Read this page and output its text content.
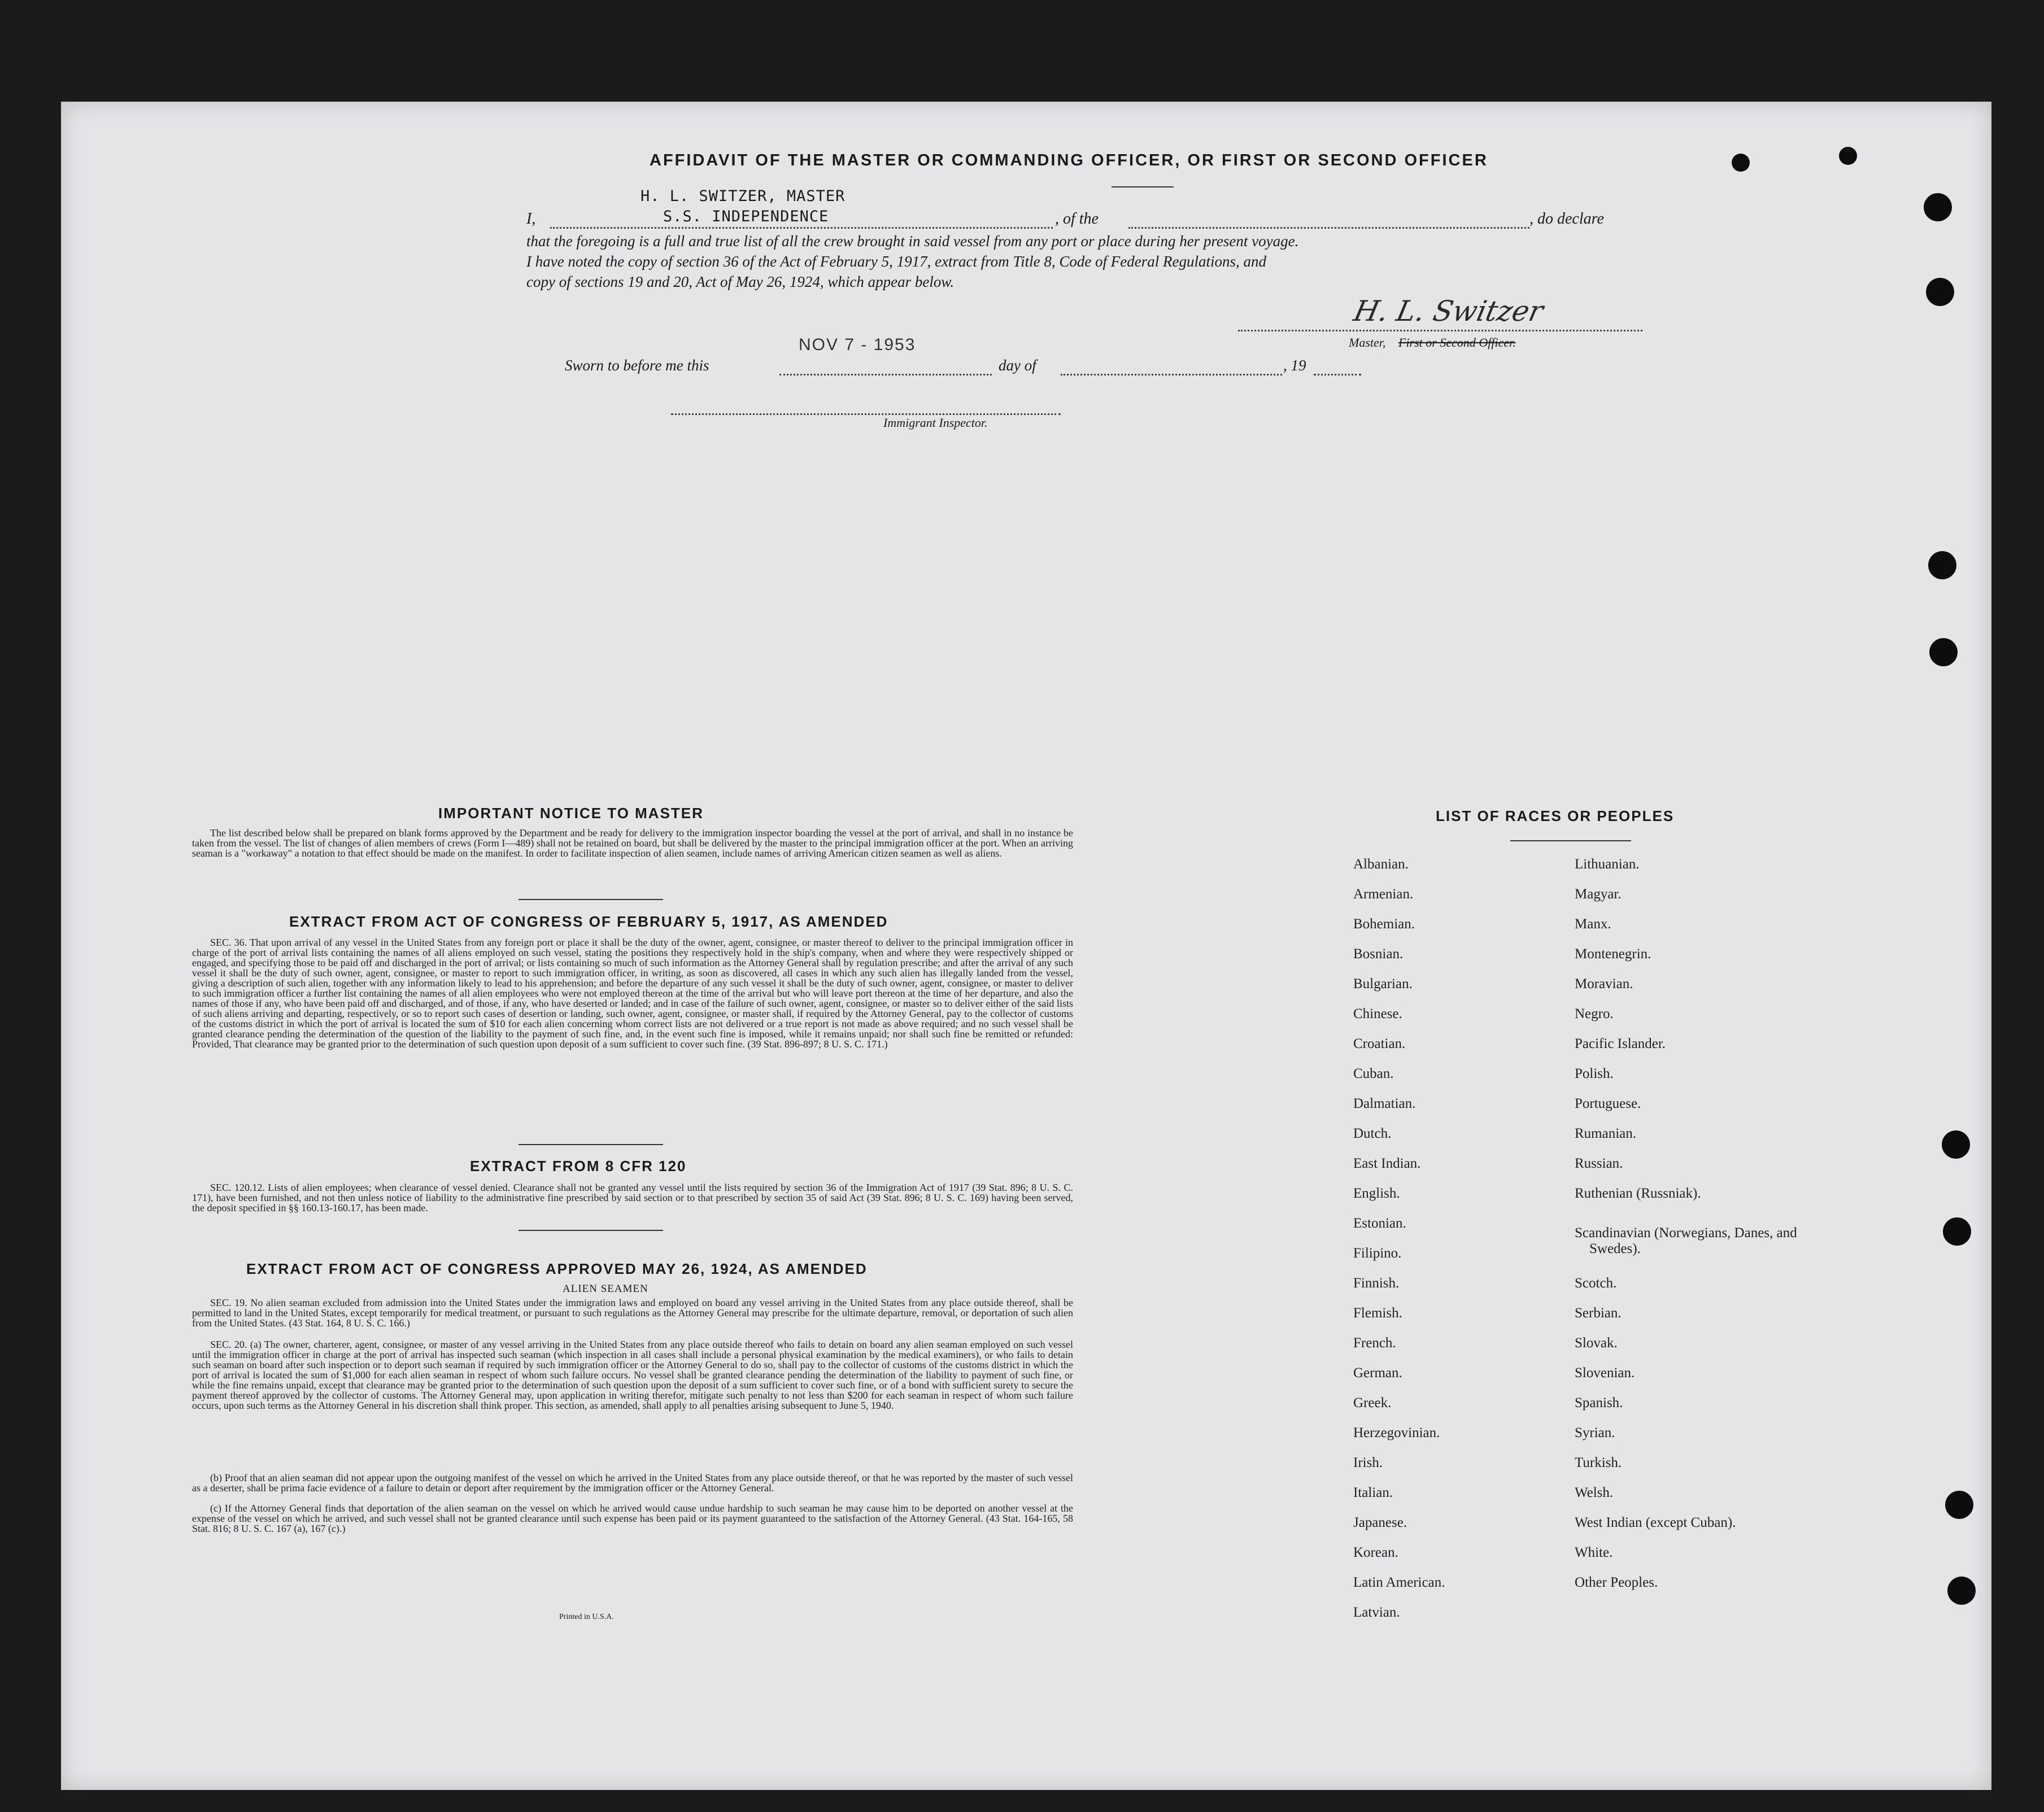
AFFIDAVIT OF THE MASTER OR COMMANDING OFFICER, OR FIRST OR SECOND OFFICER
H. L. SWITZER, MASTER
I,	S.S. INDEPENDENCE	, of the	, do declare
that the foregoing is a full and true list of all the crew brought in said vessel from any port or place during her present voyage.
I have noted the copy of section 36 of the Act of February 5, 1917, extract from Title 8, Code of Federal Regulations, and
copy of sections 19 and 20, Act of May 26, 1924, which appear below.
H. L. Switzer
Master, First or Second Officer.
NOV 7 - 1953
Sworn to before me this	day of	, 19
Immigrant Inspector.
IMPORTANT NOTICE TO MASTER
The list described below shall be prepared on blank forms approved by the Department and be ready for delivery to the immigration inspector boarding the vessel at the port of arrival, and shall in no instance be taken from the vessel. The list of changes of alien members of crews (Form I—489) shall not be retained on board, but shall be delivered by the master to the principal immigration officer at the port. When an arriving seaman is a "workaway" a notation to that effect should be made on the manifest. In order to facilitate inspection of alien seamen, include names of arriving American citizen seamen as well as aliens.
EXTRACT FROM ACT OF CONGRESS OF FEBRUARY 5, 1917, AS AMENDED
SEC. 36. That upon arrival of any vessel in the United States from any foreign port or place it shall be the duty of the owner, agent, consignee, or master thereof to deliver to the principal immigration officer in charge of the port of arrival lists containing the names of all aliens employed on such vessel, stating the positions they respectively hold in the ship's company, when and where they were respectively shipped or engaged, and specifying those to be paid off and discharged in the port of arrival; or lists containing so much of such information as the Attorney General shall by regulation prescribe; and after the arrival of any such vessel it shall be the duty of such owner, agent, consignee, or master to report to such immigration officer, in writing, as soon as discovered, all cases in which any such alien has illegally landed from the vessel, giving a description of such alien, together with any information likely to lead to his apprehension; and before the departure of any such vessel it shall be the duty of such owner, agent, consignee, or master to deliver to such immigration officer a further list containing the names of all alien employees who were not employed thereon at the time of the arrival but who will leave port thereon at the time of her departure, and also the names of those if any, who have been paid off and discharged, and of those, if any, who have deserted or landed; and in case of the failure of such owner, agent, consignee, or master so to deliver either of the said lists of such aliens arriving and departing, respectively, or so to report such cases of desertion or landing, such owner, agent, consignee, or master shall, if required by the Attorney General, pay to the collector of customs of the customs district in which the port of arrival is located the sum of $10 for each alien concerning whom correct lists are not delivered or a true report is not made as above required; and no such vessel shall be granted clearance pending the determination of the question of the liability to the payment of such fine, and, in the event such fine is imposed, while it remains unpaid; nor shall such fine be remitted or refunded: Provided, That clearance may be granted prior to the determination of such question upon deposit of a sum sufficient to cover such fine. (39 Stat. 896-897; 8 U. S. C. 171.)
EXTRACT FROM 8 CFR 120
SEC. 120.12. Lists of alien employees; when clearance of vessel denied. Clearance shall not be granted any vessel until the lists required by section 36 of the Immigration Act of 1917 (39 Stat. 896; 8 U. S. C. 171), have been furnished, and not then unless notice of liability to the administrative fine prescribed by said section or to that prescribed by section 35 of said Act (39 Stat. 896; 8 U. S. C. 169) having been served, the deposit specified in §§ 160.13-160.17, has been made.
EXTRACT FROM ACT OF CONGRESS APPROVED MAY 26, 1924, AS AMENDED
ALIEN SEAMEN
SEC. 19. No alien seaman excluded from admission into the United States under the immigration laws and employed on board any vessel arriving in the United States from any place outside thereof, shall be permitted to land in the United States, except temporarily for medical treatment, or pursuant to such regulations as the Attorney General may prescribe for the ultimate departure, removal, or deportation of such alien from the United States. (43 Stat. 164, 8 U. S. C. 166.)
SEC. 20. (a) The owner, charterer, agent, consignee, or master of any vessel arriving in the United States from any place outside thereof who fails to detain on board any alien seaman employed on such vessel until the immigration officer in charge at the port of arrival has inspected such seaman (which inspection in all cases shall include a personal physical examination by the medical examiners), or who fails to detain such seaman on board after such inspection or to deport such seaman if required by such immigration officer or the Attorney General to do so, shall pay to the collector of customs of the customs district in which the port of arrival is located the sum of $1,000 for each alien seaman in respect of whom such failure occurs. No vessel shall be granted clearance pending the determination of the liability to payment of such fine, or while the fine remains unpaid, except that clearance may be granted prior to the determination of such question upon the deposit of a sum sufficient to cover such fine, or of a bond with sufficient surety to secure the payment thereof approved by the collector of customs. The Attorney General may, upon application in writing therefor, mitigate such penalty to not less than $200 for each seaman in respect of whom such failure occurs, upon such terms as the Attorney General in his discretion shall think proper. This section, as amended, shall apply to all penalties arising subsequent to June 5, 1940.
(b) Proof that an alien seaman did not appear upon the outgoing manifest of the vessel on which he arrived in the United States from any place outside thereof, or that he was reported by the master of such vessel as a deserter, shall be prima facie evidence of a failure to detain or deport after requirement by the immigration officer or the Attorney General.
(c) If the Attorney General finds that deportation of the alien seaman on the vessel on which he arrived would cause undue hardship to such seaman he may cause him to be deported on another vessel at the expense of the vessel on which he arrived, and such vessel shall not be granted clearance until such expense has been paid or its payment guaranteed to the satisfaction of the Attorney General. (43 Stat. 164-165, 58 Stat. 816; 8 U. S. C. 167 (a), 167 (c).)
Printed in U.S.A.
LIST OF RACES OR PEOPLES
Albanian.
Armenian.
Bohemian.
Bosnian.
Bulgarian.
Chinese.
Croatian.
Cuban.
Dalmatian.
Dutch.
East Indian.
English.
Estonian.
Filipino.
Finnish.
Flemish.
French.
German.
Greek.
Herzegovinian.
Irish.
Italian.
Japanese.
Korean.
Latin American.
Latvian.
Lithuanian.
Magyar.
Manx.
Montenegrin.
Moravian.
Negro.
Pacific Islander.
Polish.
Portuguese.
Rumanian.
Russian.
Ruthenian (Russniak).
Scandinavian (Norwegians, Danes, and Swedes).
Scotch.
Serbian.
Slovak.
Slovenian.
Spanish.
Syrian.
Turkish.
Welsh.
West Indian (except Cuban).
White.
Other Peoples.
